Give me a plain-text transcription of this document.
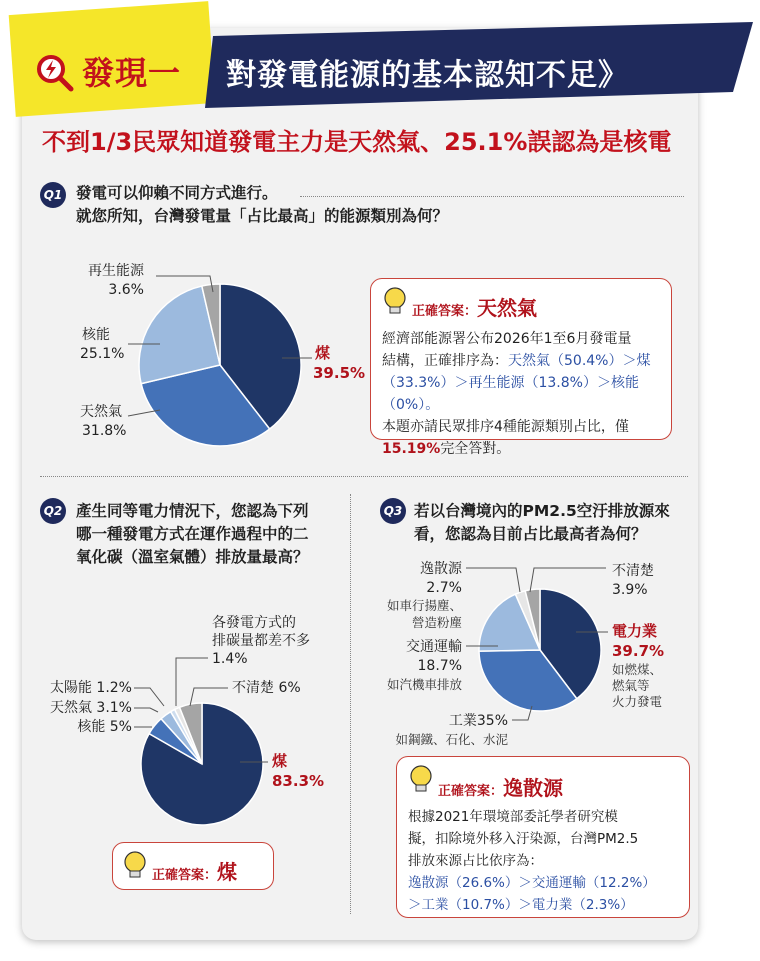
發現一 對發電能源的基本認知不足》
不到1/3民眾知道發電主力是天然氣、25.1%誤認為是核電
Q1 發電可以仰賴不同方式進行。
就您所知，台灣發電量「占比最高」的能源類別為何？
再生能源
3.6%
核能
25.1%
天然氣
31.8%
煤
39.5%
正確答案：天然氣
經濟部能源署公布2026年1至6月發電量
結構，正確排序為：天然氣（50.4%）＞煤
（33.3%）＞再生能源（13.8%）＞核能（0%）。
本題亦請民眾排序4種能源類別占比，僅
15.19%完全答對。
Q2 產生同等電力情況下，您認為下列
哪一種發電方式在運作過程中的二
氧化碳（溫室氣體）排放量最高？
各發電方式的
排碳量都差不多
1.4%
太陽能 1.2%
天然氣 3.1%
核能 5%
不清楚 6%
煤
83.3%
正確答案：煤
Q3 若以台灣境內的PM2.5空汙排放源來
看，您認為目前占比最高者為何？
逸散源
2.7%
如車行揚塵、
營造粉塵
不清楚
3.9%
交通運輸
18.7%
如汽機車排放
電力業
39.7%
如燃煤、
燃氣等
火力發電
工業35%
如鋼鐵、石化、水泥
正確答案：逸散源
根據2021年環境部委託學者研究模
擬，扣除境外移入汙染源，台灣PM2.5
排放來源占比依序為：
逸散源（26.6%）＞交通運輸（12.2%）
＞工業（10.7%）＞電力業（2.3%）
